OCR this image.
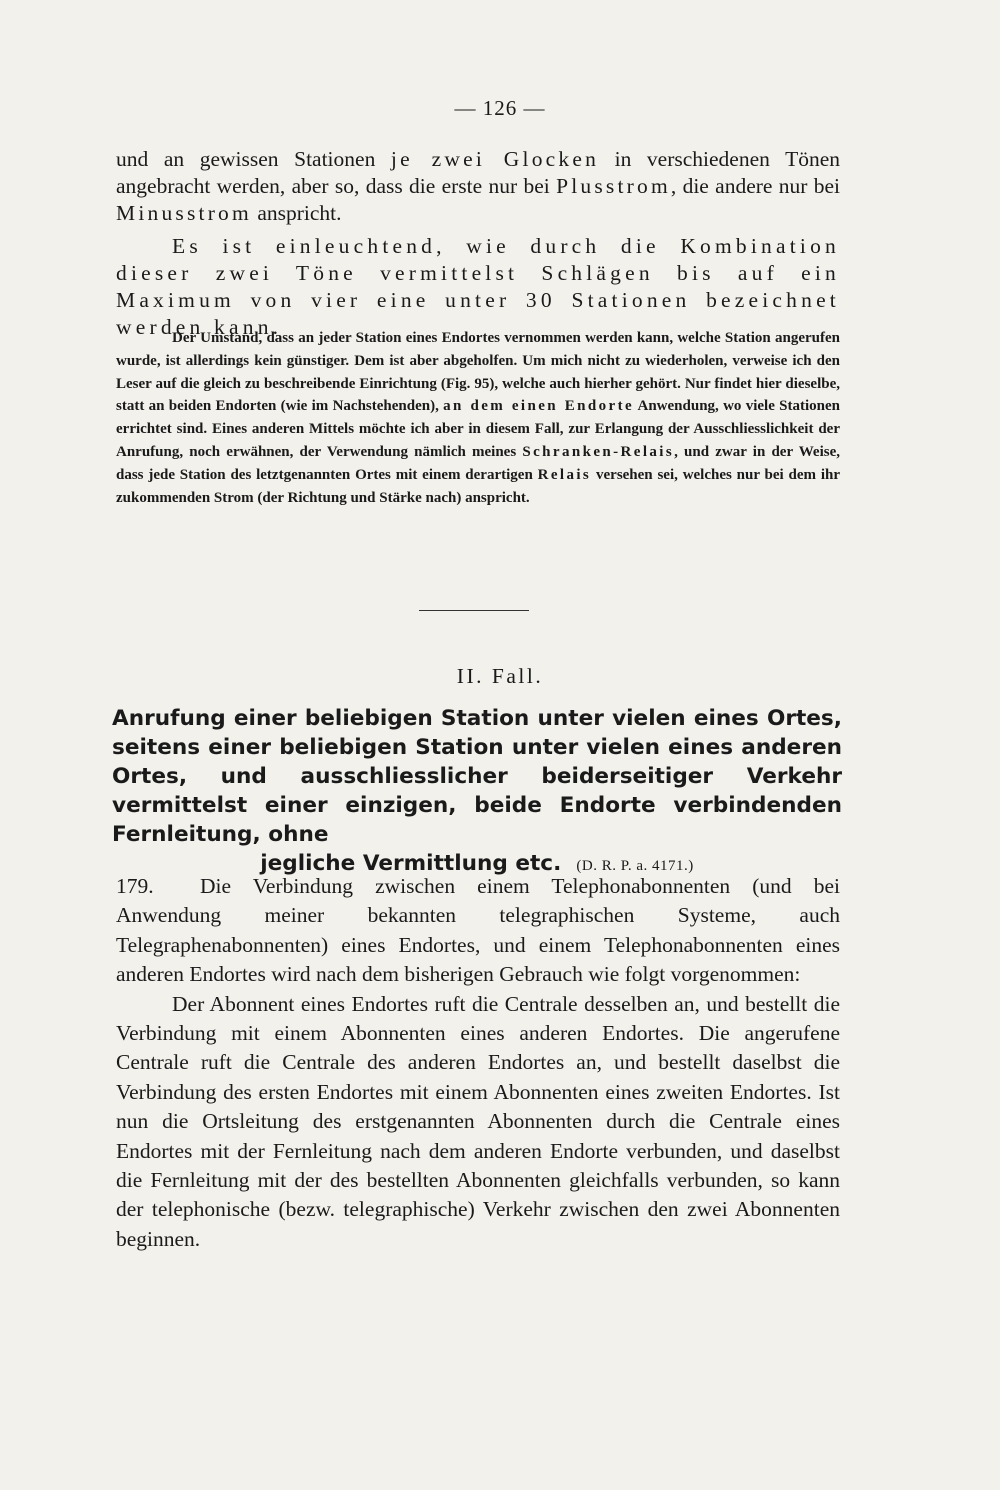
— 126 —

und an gewissen Stationen je zwei Glocken in verschiedenen Tönen angebracht werden, aber so, dass die erste nur bei Plusstrom, die andere nur bei Minusstrom anspricht.

Es ist einleuchtend, wie durch die Kombination dieser zwei Töne vermittelst Schlägen bis auf ein Maximum von vier eine unter 30 Stationen bezeichnet werden kann.

Der Umstand, dass an jeder Station eines Endortes vernommen werden kann, welche Station angerufen wurde, ist allerdings kein günstiger. Dem ist aber abgeholfen. Um mich nicht zu wiederholen, verweise ich den Leser auf die gleich zu beschreibende Einrichtung (Fig. 95), welche auch hierher gehört. Nur findet hier dieselbe, statt an beiden Endorten (wie im Nachstehenden), an dem einen Endorte Anwendung, wo viele Stationen errichtet sind. Eines anderen Mittels möchte ich aber in diesem Fall, zur Erlangung der Ausschliesslichkeit der Anrufung, noch erwähnen, der Verwendung nämlich meines Schranken-Relais, und zwar in der Weise, dass jede Station des letztgenannten Ortes mit einem derartigen Relais versehen sei, welches nur bei dem ihr zukommenden Strom (der Richtung und Stärke nach) anspricht.

II. Fall.

Anrufung einer beliebigen Station unter vielen eines Ortes, seitens einer beliebigen Station unter vielen eines anderen Ortes, und ausschliesslicher beiderseitiger Verkehr vermittelst einer einzigen, beide Endorte verbindenden Fernleitung, ohne
jegliche Vermittlung etc. (D. R. P. a. 4171.)

179. Die Verbindung zwischen einem Telephonabonnenten (und bei Anwendung meiner bekannten telegraphischen Systeme, auch Telegraphenabonnenten) eines Endortes, und einem Telephonabonnenten eines anderen Endortes wird nach dem bisherigen Gebrauch wie folgt vorgenommen:

Der Abonnent eines Endortes ruft die Centrale desselben an, und bestellt die Verbindung mit einem Abonnenten eines anderen Endortes. Die angerufene Centrale ruft die Centrale des anderen Endortes an, und bestellt daselbst die Verbindung des ersten Endortes mit einem Abonnenten eines zweiten Endortes. Ist nun die Ortsleitung des erstgenannten Abonnenten durch die Centrale eines Endortes mit der Fernleitung nach dem anderen Endorte verbunden, und daselbst die Fernleitung mit der des bestellten Abonnenten gleichfalls verbunden, so kann der telephonische (bezw. telegraphische) Verkehr zwischen den zwei Abonnenten beginnen.
